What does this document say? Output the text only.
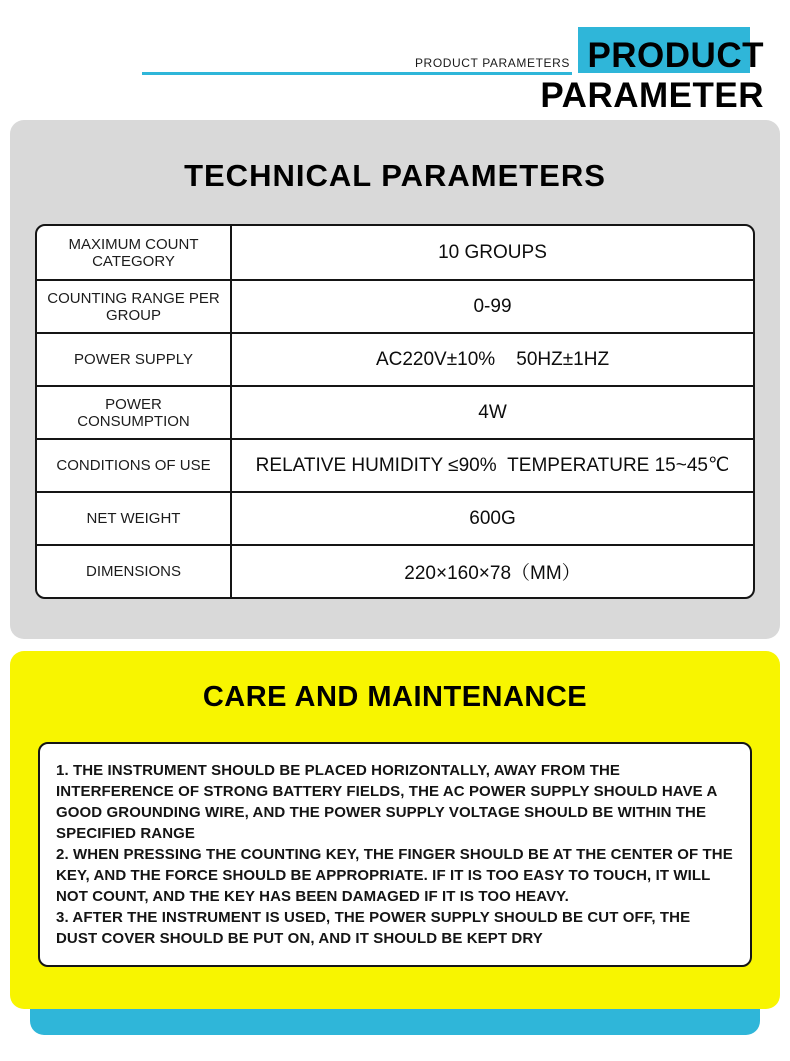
PRODUCT PARAMETERS PRODUCT
PARAMETER
TECHNICAL PARAMETERS
MAXIMUM COUNT CATEGORY	10 GROUPS
COUNTING RANGE PER GROUP	0-99
POWER SUPPLY	AC220V±10%    50HZ±1HZ
POWER CONSUMPTION	4W
CONDITIONS OF USE	RELATIVE HUMIDITY ≤90%  TEMPERATURE 15~45℃
NET WEIGHT	600G
DIMENSIONS	220×160×78（MM）
CARE AND MAINTENANCE
1. THE INSTRUMENT SHOULD BE PLACED HORIZONTALLY, AWAY FROM THE INTERFERENCE OF STRONG BATTERY FIELDS, THE AC POWER SUPPLY SHOULD HAVE A GOOD GROUNDING WIRE, AND THE POWER SUPPLY VOLTAGE SHOULD BE WITHIN THE SPECIFIED RANGE
2. WHEN PRESSING THE COUNTING KEY, THE FINGER SHOULD BE AT THE CENTER OF THE KEY, AND THE FORCE SHOULD BE APPROPRIATE. IF IT IS TOO EASY TO TOUCH, IT WILL NOT COUNT, AND THE KEY HAS BEEN DAMAGED IF IT IS TOO HEAVY.
3. AFTER THE INSTRUMENT IS USED, THE POWER SUPPLY SHOULD BE CUT OFF, THE DUST COVER SHOULD BE PUT ON, AND IT SHOULD BE KEPT DRY
